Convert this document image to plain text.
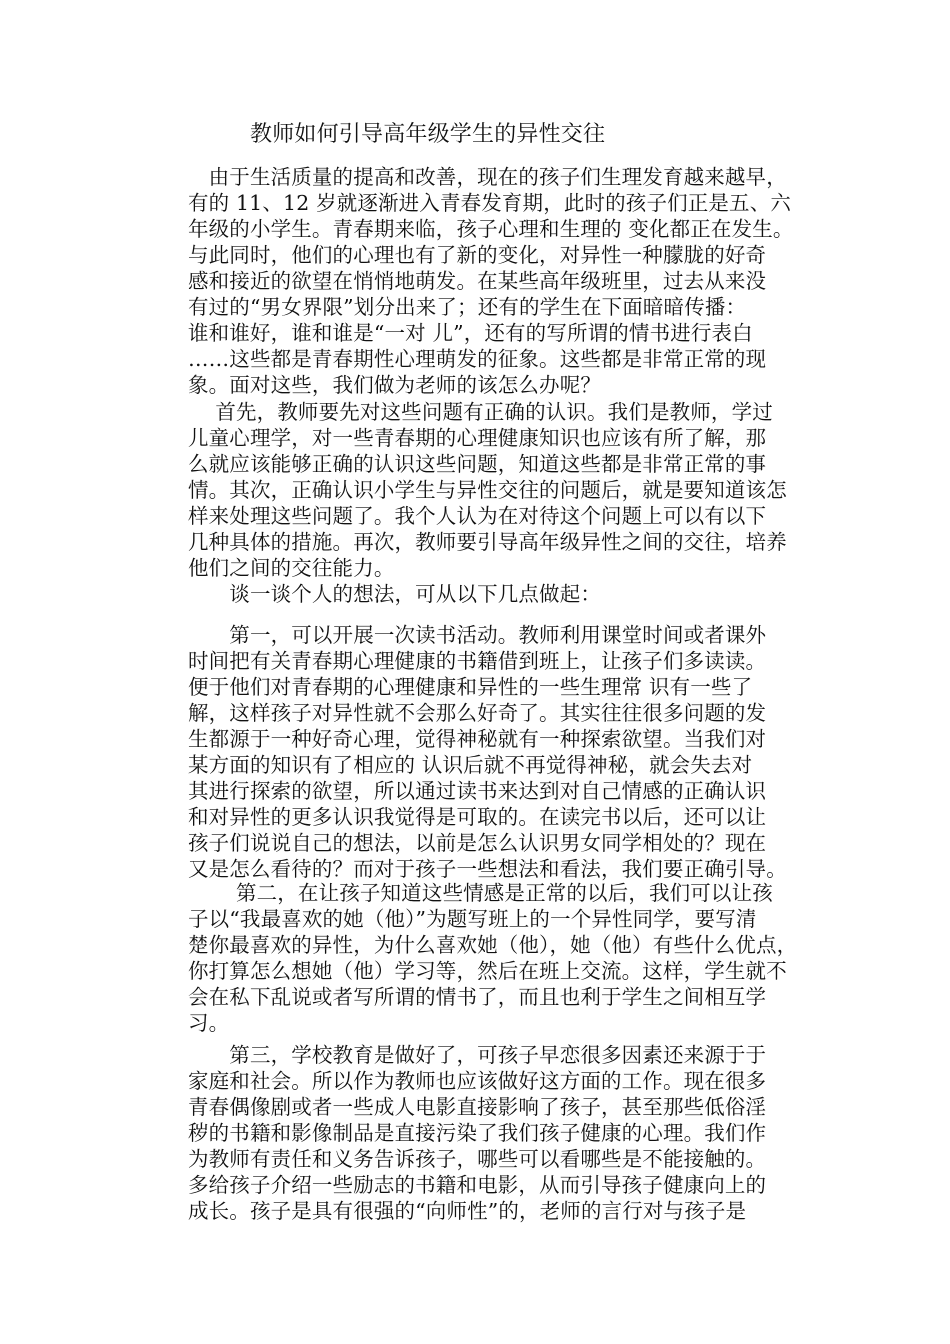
教师如何引导高年级学生的异性交往
　由于生活质量的提高和改善，现在的孩子们生理发育越来越早，
有的 11、12 岁就逐渐进入青春发育期，此时的孩子们正是五、六
年级的小学生。青春期来临，孩子心理和生理的 变化都正在发生。
与此同时，他们的心理也有了新的变化，对异性一种朦胧的好奇
感和接近的欲望在悄悄地萌发。在某些高年级班里，过去从来没
有过的“男女界限”划分出来了；还有的学生在下面暗暗传播：
谁和谁好，谁和谁是“一对 儿”，还有的写所谓的情书进行表白
……这些都是青春期性心理萌发的征象。这些都是非常正常的现
象。面对这些，我们做为老师的该怎么办呢？
　 首先，教师要先对这些问题有正确的认识。我们是教师，学过
儿童心理学，对一些青春期的心理健康知识也应该有所了解，那
么就应该能够正确的认识这些问题，知道这些都是非常正常的事
情。其次，正确认识小学生与异性交往的问题后，就是要知道该怎
样来处理这些问题了。我个人认为在对待这个问题上可以有以下
几种具体的措施。再次，教师要引导高年级异性之间的交往，培养
他们之间的交往能力。
　　谈一谈个人的想法，可从以下几点做起：
　　第一，可以开展一次读书活动。教师利用课堂时间或者课外
时间把有关青春期心理健康的书籍借到班上，让孩子们多读读。
便于他们对青春期的心理健康和异性的一些生理常 识有一些了
解，这样孩子对异性就不会那么好奇了。其实往往很多问题的发
生都源于一种好奇心理，觉得神秘就有一种探索欲望。当我们对
某方面的知识有了相应的 认识后就不再觉得神秘，就会失去对
其进行探索的欲望，所以通过读书来达到对自己情感的正确认识
和对异性的更多认识我觉得是可取的。在读完书以后，还可以让
孩子们说说自己的想法，以前是怎么认识男女同学相处的？现在
又是怎么看待的？而对于孩子一些想法和看法，我们要正确引导。
　　 第二，在让孩子知道这些情感是正常的以后，我们可以让孩
子以“我最喜欢的她（他）”为题写班上的一个异性同学，要写清
楚你最喜欢的异性，为什么喜欢她（他），她（他）有些什么优点，
你打算怎么想她（他）学习等，然后在班上交流。这样，学生就不
会在私下乱说或者写所谓的情书了，而且也利于学生之间相互学
习。
　　第三，学校教育是做好了，可孩子早恋很多因素还来源于于
家庭和社会。所以作为教师也应该做好这方面的工作。现在很多
青春偶像剧或者一些成人电影直接影响了孩子，甚至那些低俗淫
秽的书籍和影像制品是直接污染了我们孩子健康的心理。我们作
为教师有责任和义务告诉孩子，哪些可以看哪些是不能接触的。
多给孩子介绍一些励志的书籍和电影，从而引导孩子健康向上的
成长。孩子是具有很强的“向师性”的，老师的言行对与孩子是
